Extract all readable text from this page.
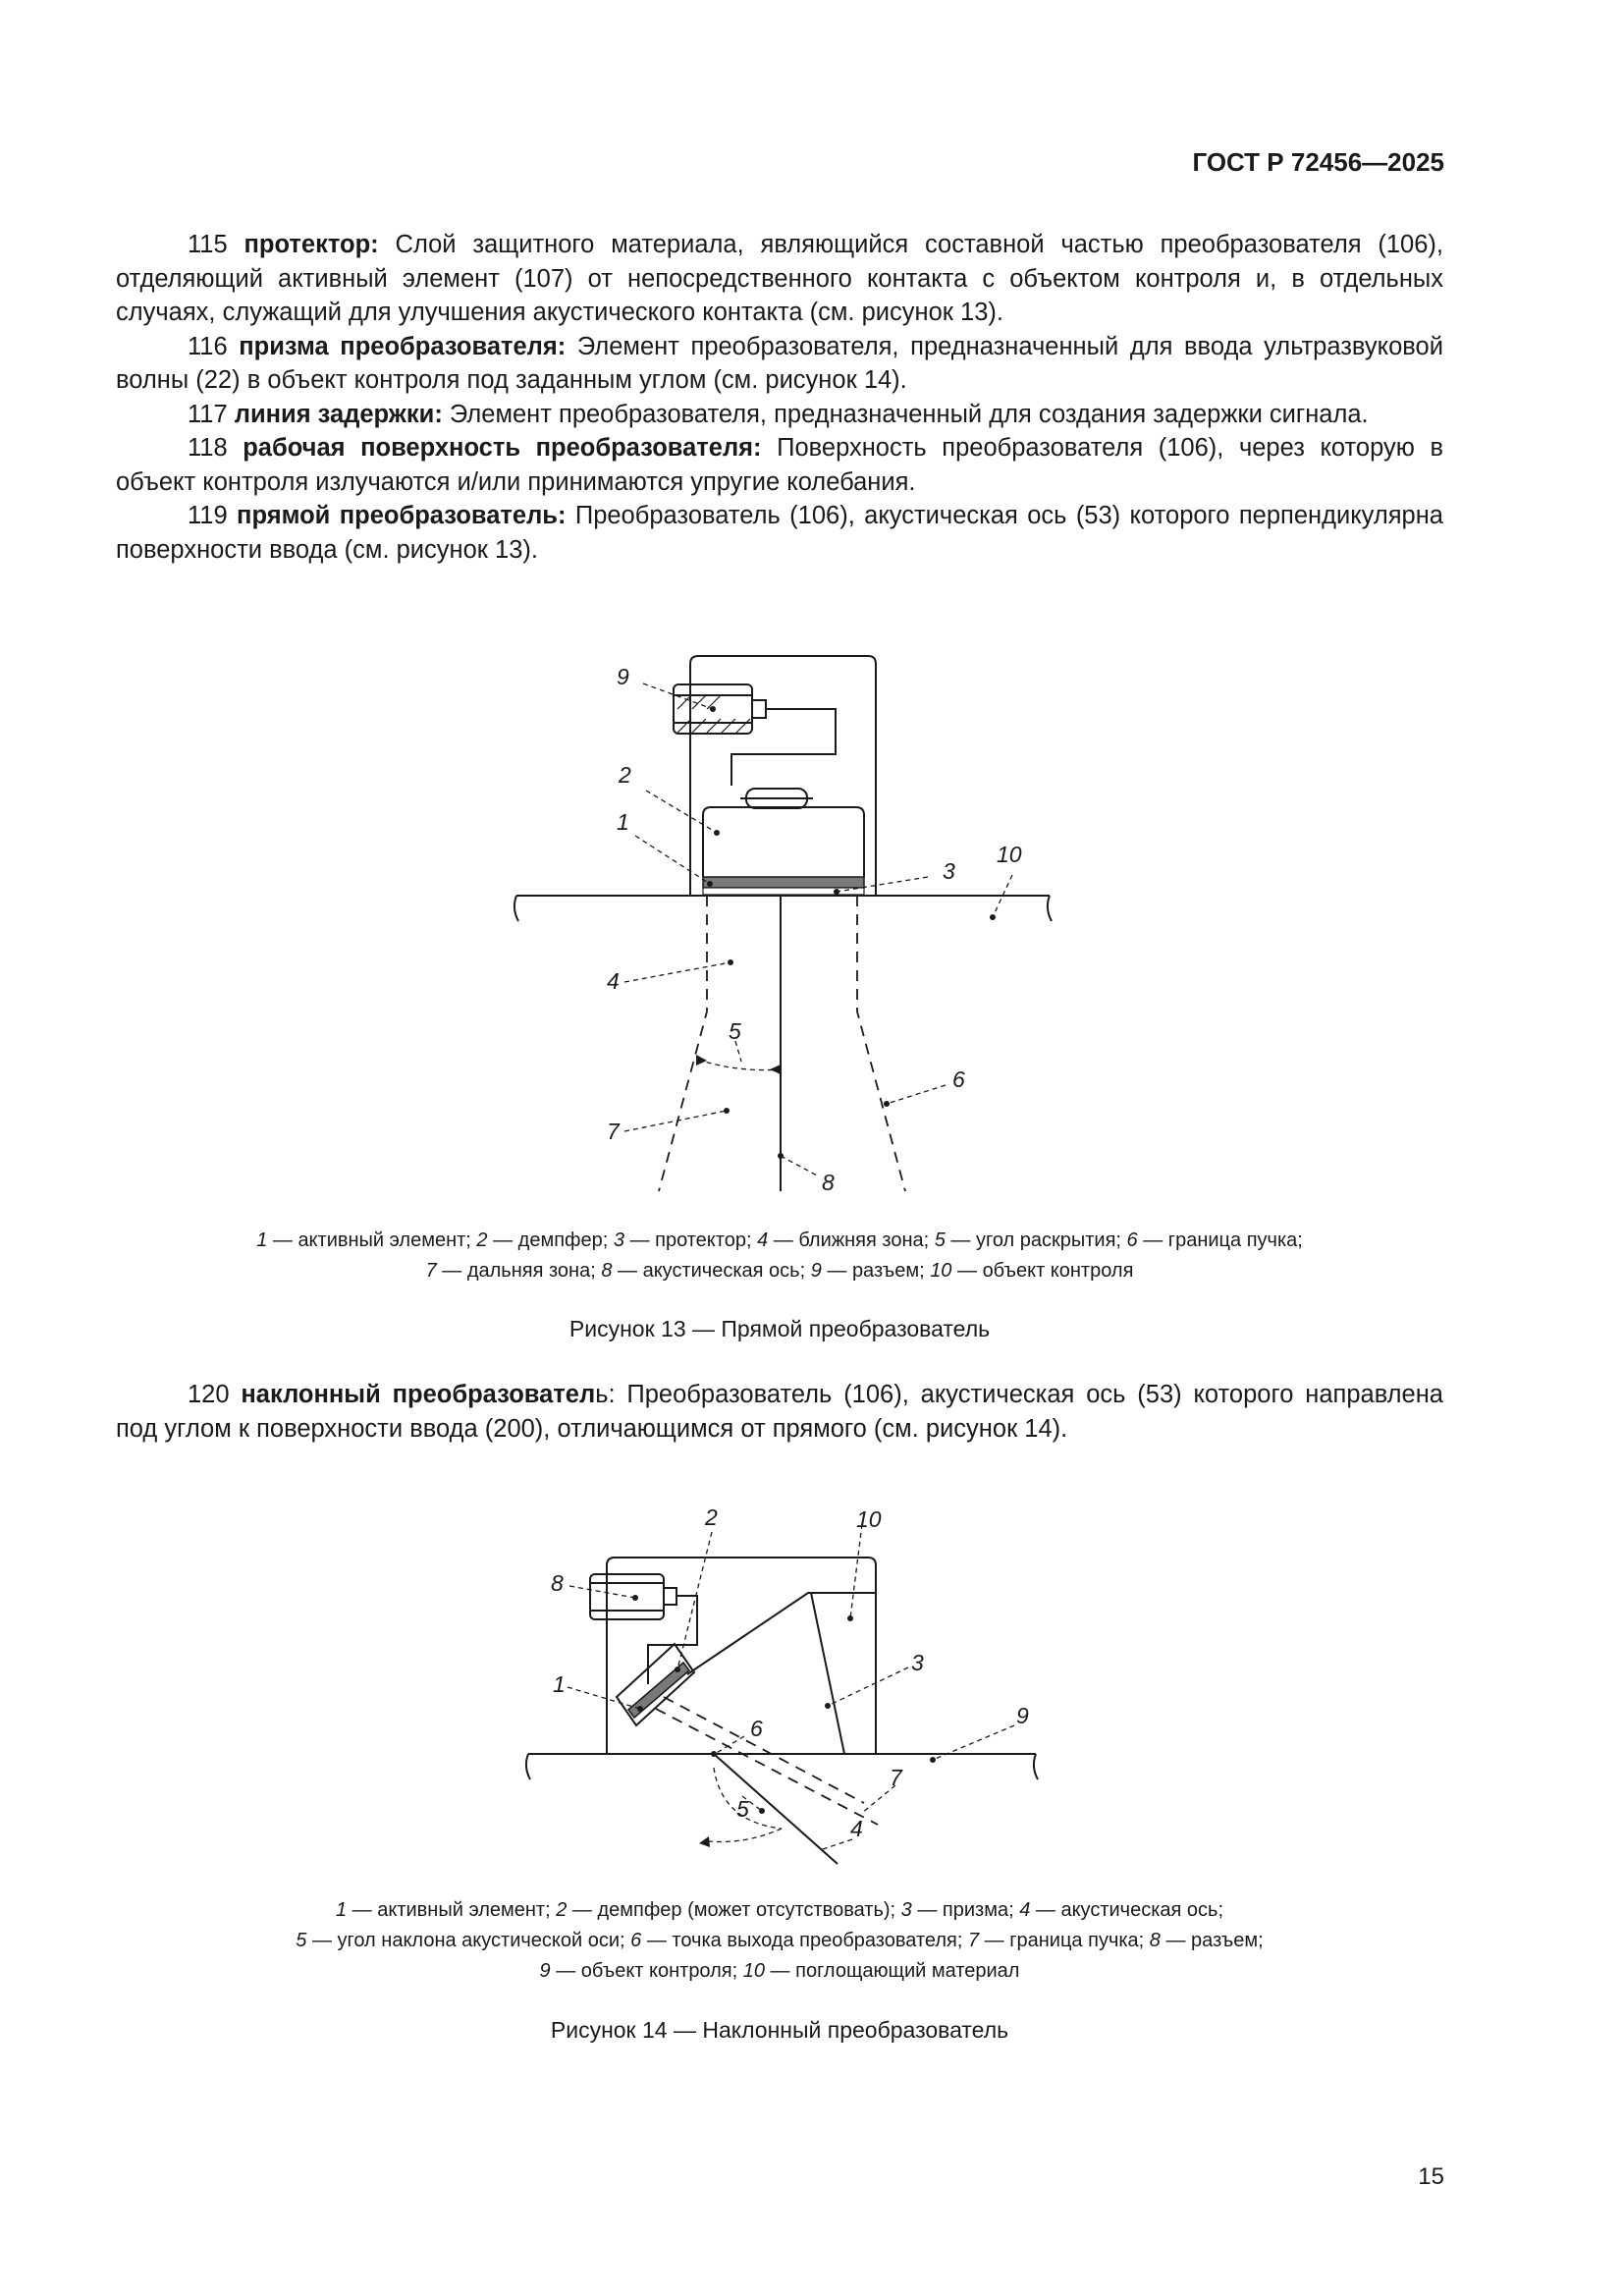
ГОСТ Р 72456—2025

115 протектор: Слой защитного материала, являющийся составной частью преобразователя (106), отделяющий активный элемент (107) от непосредственного контакта с объектом контроля и, в отдельных случаях, служащий для улучшения акустического контакта (см. рисунок 13).

116 призма преобразователя: Элемент преобразователя, предназначенный для ввода ультразвуковой волны (22) в объект контроля под заданным углом (см. рисунок 14).

117 линия задержки: Элемент преобразователя, предназначенный для создания задержки сигнала.

118 рабочая поверхность преобразователя: Поверхность преобразователя (106), через которую в объект контроля излучаются и/или принимаются упругие колебания.

119 прямой преобразователь: Преобразователь (106), акустическая ось (53) которого перпендикулярна поверхности ввода (см. рисунок 13).

9
2
1
3
10
4
5
6
7
8
1 — активный элемент; 2 — демпфер; 3 — протектор; 4 — ближняя зона; 5 — угол раскрытия; 6 — граница пучка;
7 — дальняя зона; 8 — акустическая ось; 9 — разъем; 10 — объект контроля
Рисунок 13 — Прямой преобразователь

120 наклонный преобразователь: Преобразователь (106), акустическая ось (53) которого направлена под углом к поверхности ввода (200), отличающимся от прямого (см. рисунок 14).

2	10
8
1
3
9
6
5
7
4
1 — активный элемент; 2 — демпфер (может отсутствовать); 3 — призма; 4 — акустическая ось;
5 — угол наклона акустической оси; 6 — точка выхода преобразователя; 7 — граница пучка; 8 — разъем;
9 — объект контроля; 10 — поглощающий материал
Рисунок 14 — Наклонный преобразователь
15
